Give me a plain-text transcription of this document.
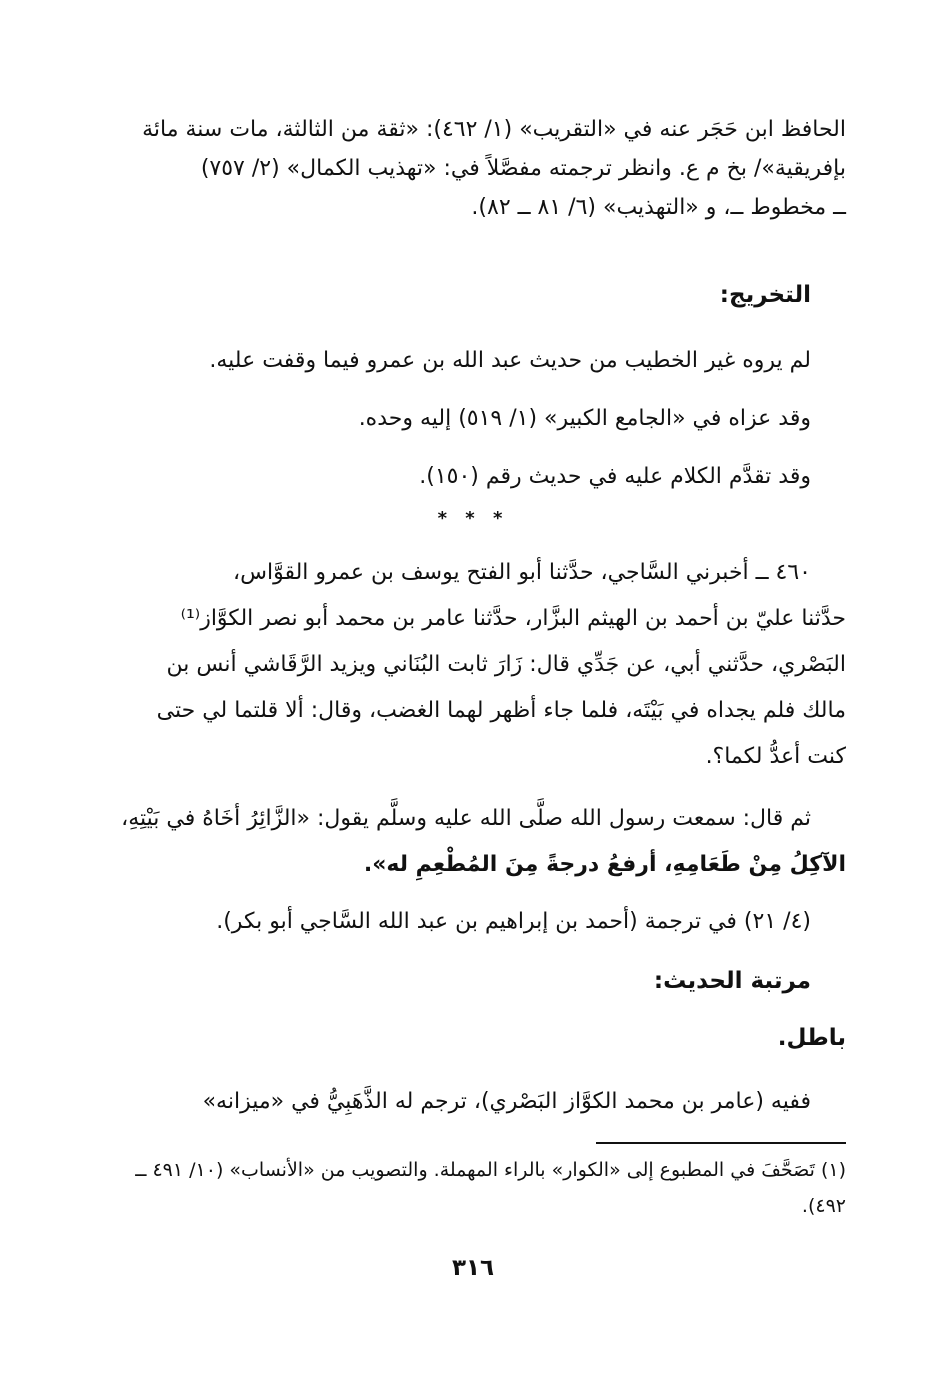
الحافظ ابن حَجَر عنه في «التقريب» (١/ ٤٦٢): «ثقة من الثالثة، مات سنة مائة
بإفريقية»/ بخ م ع. وانظر ترجمته مفصَّلاً في: «تهذيب الكمال» (٢/ ٧٥٧)
ــ مخطوط ــ، و «التهذيب» (٦/ ٨١ ــ ٨٢).
التخريج:
لم يروه غير الخطيب من حديث عبد الله بن عمرو فيما وقفت عليه.
وقد عزاه في «الجامع الكبير» (١/ ٥١٩) إليه وحده.
وقد تقدَّم الكلام عليه في حديث رقم (١٥٠).
* * *
٤٦٠ ــ أخبرني السَّاجي، حدَّثنا أبو الفتح يوسف بن عمرو القوَّاس،
حدَّثنا عليّ بن أحمد بن الهيثم البزَّار، حدَّثنا عامر بن محمد أبو نصر الكوَّاز⁽¹⁾
البَصْري، حدَّثني أبي، عن جَدِّي قال: زَارَ ثابت البُنَاني ويزيد الرَّقَاشي أنس بن
مالك فلم يجداه في بَيْتَه، فلما جاء أظهر لهما الغضب، وقال: ألا قلتما لي حتى
كنت أعدُّ لكما؟.
ثم قال: سمعت رسول الله صلَّى الله عليه وسلَّم يقول: «الزَّائِرُ أخَاهُ في بَيْتِهِ،
الآكِلُ مِنْ طَعَامِهِ، أرفعُ درجةً مِنَ المُطْعِمِ له».
(٤/ ٢١) في ترجمة (أحمد بن إبراهيم بن عبد الله السَّاجي أبو بكر).
مرتبة الحديث:
باطل.
ففيه (عامر بن محمد الكوَّاز البَصْري)، ترجم له الذَّهَبِيُّ في «ميزانه»
(١) تَصَحَّفَ في المطبوع إلى «الكوار» بالراء المهملة. والتصويب من «الأنساب» (١٠/ ٤٩١ ــ
٤٩٢).
٣١٦
